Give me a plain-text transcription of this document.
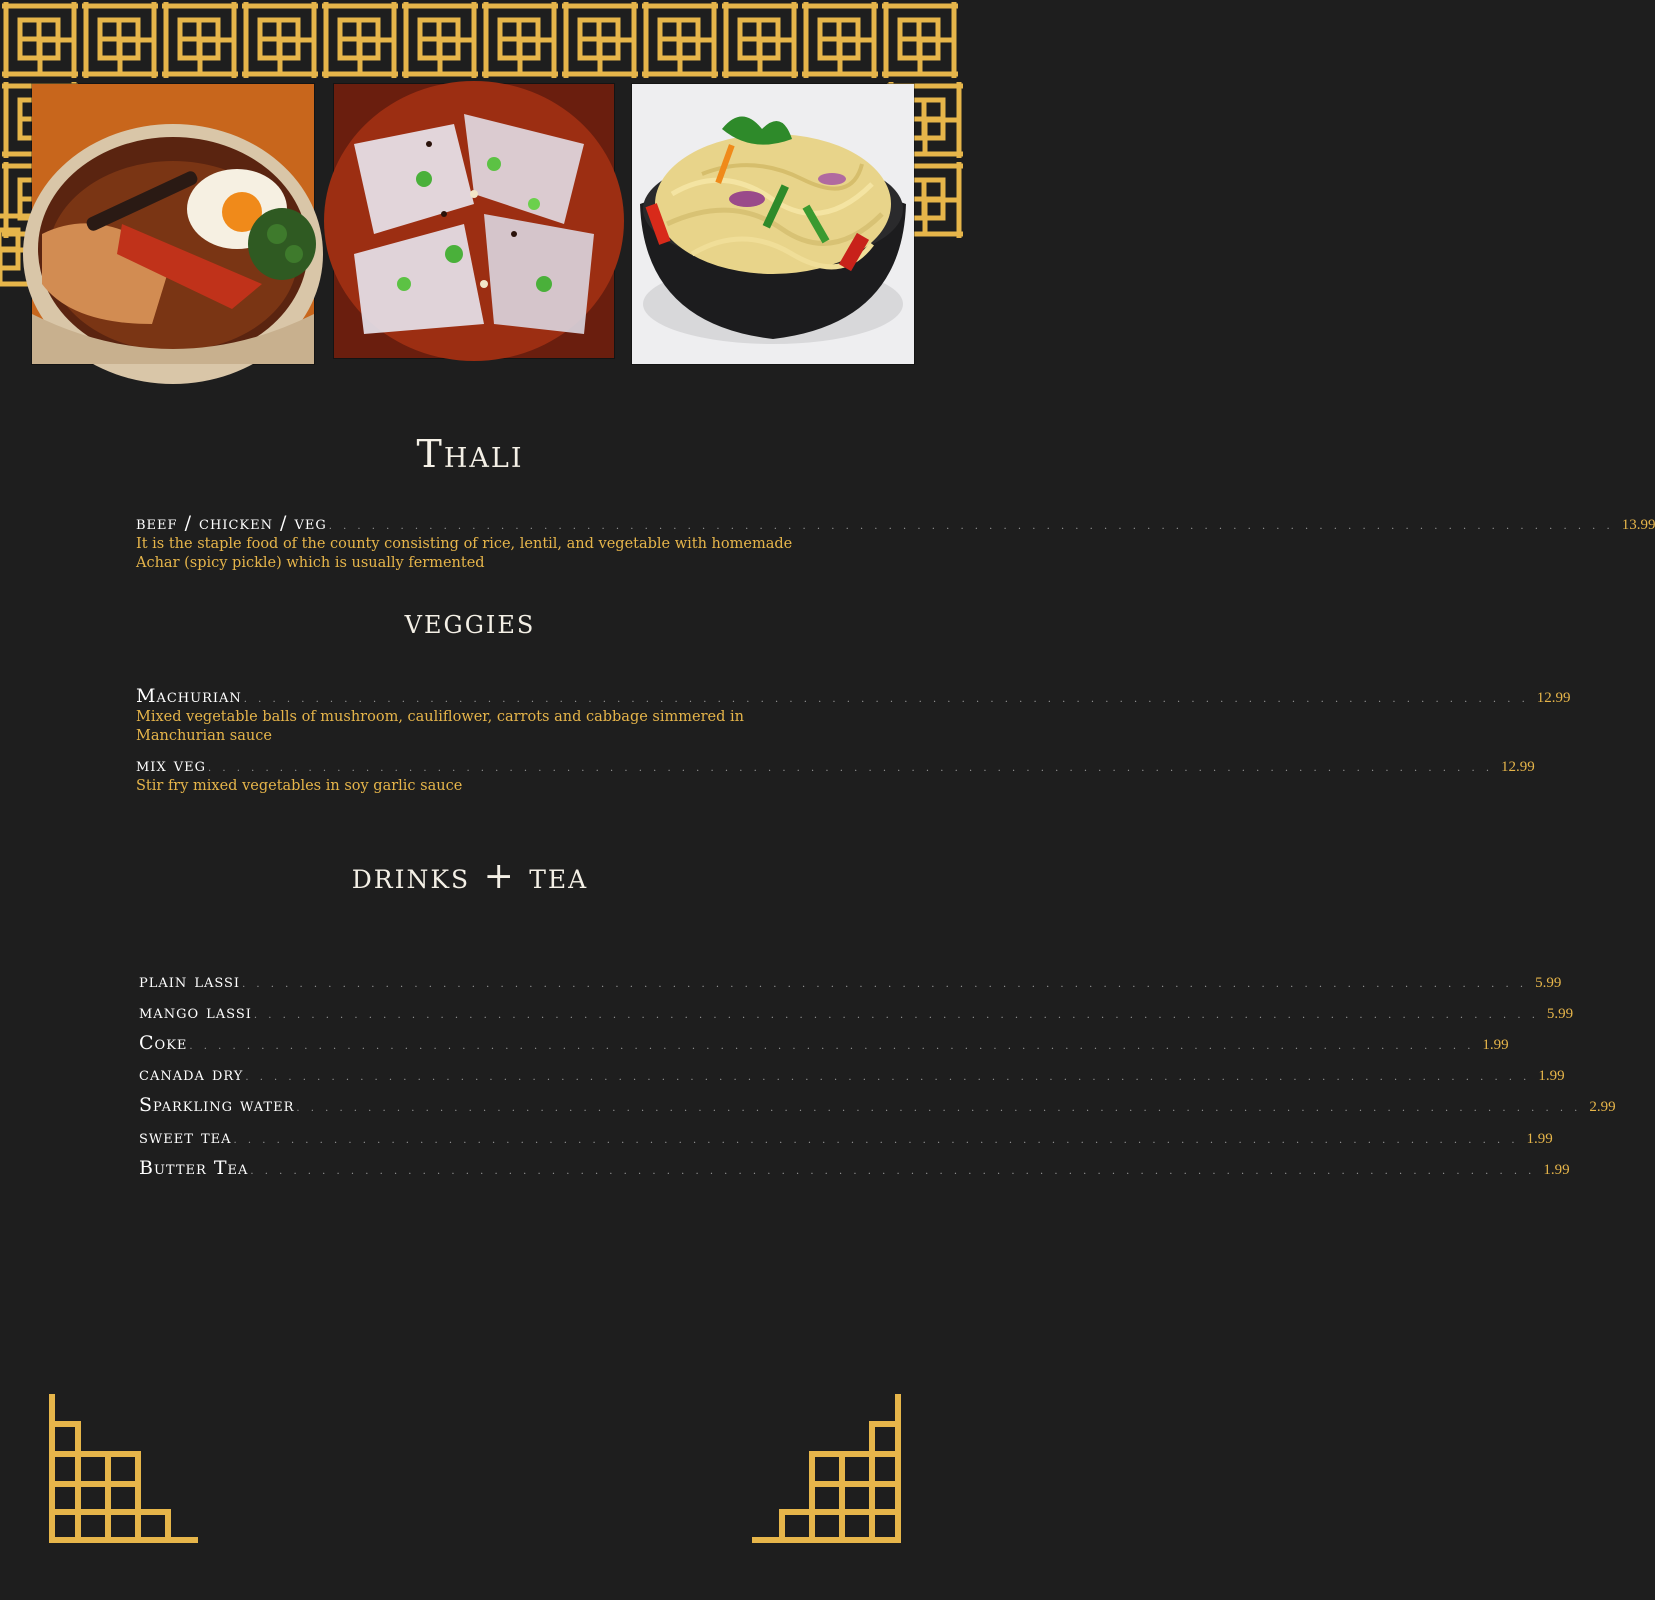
Thali
beef / chicken / veg . . . . . . . . . . . . . . . . . . . . . . . . . . . . . . . . . . . . . . . . . . . . . . . . . . . . . . . . . . . . . . . . . . . . . . . . . . . . . . . . . . . . . . . . . . 13.99
It is the staple food of the county consisting of rice, lentil, and vegetable with homemade Achar (spicy pickle) which is usually fermented
veggies
Machurian . . . . . . . . . . . . . . . . . . . . . . . . . . . . . . . . . . . . . . . . . . . . . . . . . . . . . . . . . . . . . . . . . . . . . . . . . . . . . . . . . . . . . . . . . . 12.99
Mixed vegetable balls of mushroom, cauliflower, carrots and cabbage simmered in Manchurian sauce
mix veg . . . . . . . . . . . . . . . . . . . . . . . . . . . . . . . . . . . . . . . . . . . . . . . . . . . . . . . . . . . . . . . . . . . . . . . . . . . . . . . . . . . . . . . . . . 12.99
Stir fry mixed vegetables in soy garlic sauce
drinks + tea
plain lassi . . . . . . . . . . . . . . . . . . . . . . . . . . . . . . . . . . . . . . . . . . . . . . . . . . . . . . . . . . . . . . . . . . . . . . . . . . . . . . . . . . . . . . . . . . 5.99
mango lassi . . . . . . . . . . . . . . . . . . . . . . . . . . . . . . . . . . . . . . . . . . . . . . . . . . . . . . . . . . . . . . . . . . . . . . . . . . . . . . . . . . . . . . . . . . 5.99
Coke . . . . . . . . . . . . . . . . . . . . . . . . . . . . . . . . . . . . . . . . . . . . . . . . . . . . . . . . . . . . . . . . . . . . . . . . . . . . . . . . . . . . . . . . . . 1.99
canada dry . . . . . . . . . . . . . . . . . . . . . . . . . . . . . . . . . . . . . . . . . . . . . . . . . . . . . . . . . . . . . . . . . . . . . . . . . . . . . . . . . . . . . . . . . . 1.99
Sparkling water . . . . . . . . . . . . . . . . . . . . . . . . . . . . . . . . . . . . . . . . . . . . . . . . . . . . . . . . . . . . . . . . . . . . . . . . . . . . . . . . . . . . . . . . . . 2.99
sweet tea . . . . . . . . . . . . . . . . . . . . . . . . . . . . . . . . . . . . . . . . . . . . . . . . . . . . . . . . . . . . . . . . . . . . . . . . . . . . . . . . . . . . . . . . . . 1.99
Butter Tea . . . . . . . . . . . . . . . . . . . . . . . . . . . . . . . . . . . . . . . . . . . . . . . . . . . . . . . . . . . . . . . . . . . . . . . . . . . . . . . . . . . . . . . . . . 1.99
